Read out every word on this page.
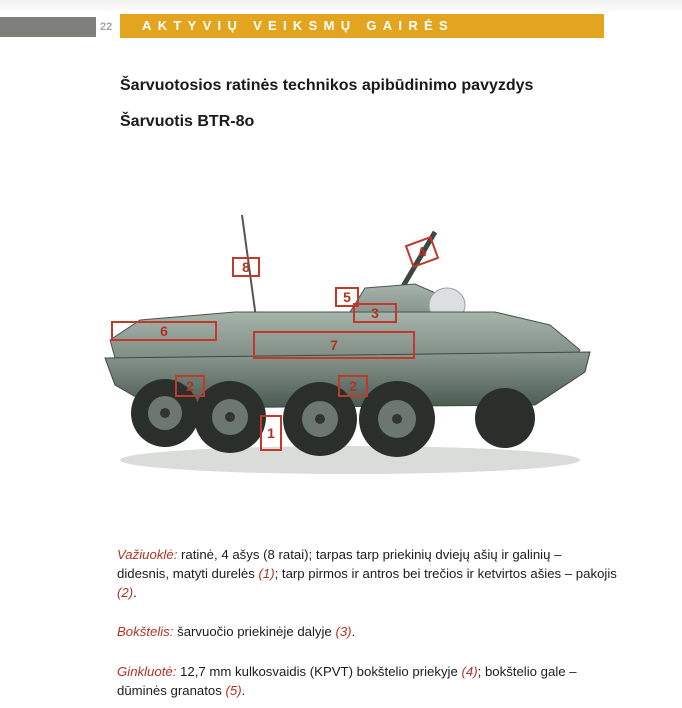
22	AKTYVIŲ VEIKSMŲ GAIRĖS
Šarvuotosios ratinės technikos apibūdinimo pavyzdys
Šarvuotis BTR-8o
8
4
5
3
6
7
2	2
1

Važiuoklė: ratinė, 4 ašys (8 ratai); tarpas tarp priekinių dviejų ašių ir galinių – didesnis, matyti durelės (1); tarp pirmos ir antros bei trečios ir ketvirtos ašies – pakojis (2).

Bokštelis: šarvuočio priekinėje dalyje (3).

Ginkluotė: 12,7 mm kulkosvaidis (KPVT) bokštelio priekyje (4); bokštelio gale – dūminės granatos (5).
